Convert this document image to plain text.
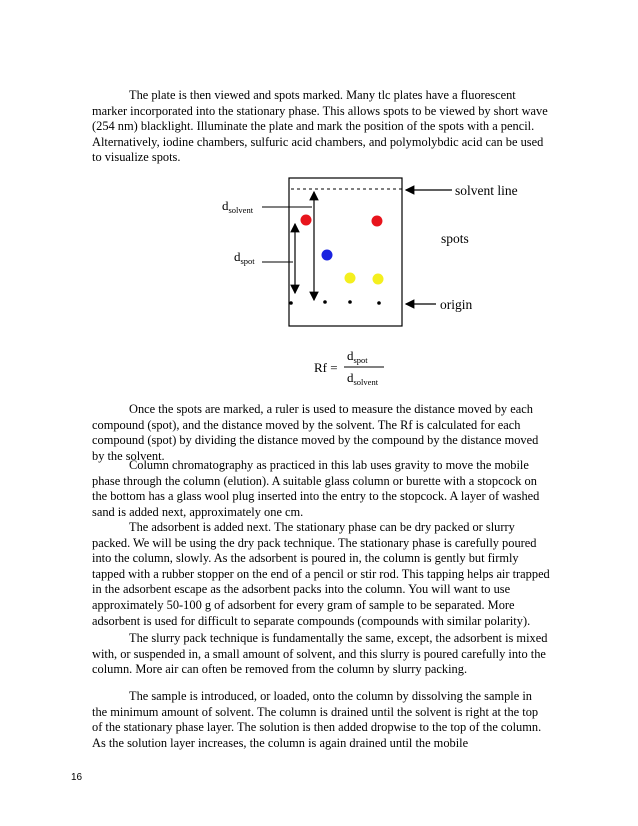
The plate is then viewed and spots marked. Many tlc plates have a fluorescent marker incorporated into the stationary phase. This allows spots to be viewed by short wave (254 nm) blacklight. Illuminate the plate and mark the position of the spots with a pencil. Alternatively, iodine chambers, sulfuric acid chambers, and polymolybdic acid can be used to visualize spots.

$d_{solvent}$
$d_{spot}$
solvent line
spots
origin
Rf =
$d_{spot}$
$d_{solvent}$

Once the spots are marked, a ruler is used to measure the distance moved by each compound (spot), and the distance moved by the solvent. The Rf is calculated for each compound (spot) by dividing the distance moved by the compound by the distance moved by the solvent.

Column chromatography as practiced in this lab uses gravity to move the mobile phase through the column (elution). A suitable glass column or burette with a stopcock on the bottom has a glass wool plug inserted into the entry to the stopcock. A layer of washed sand is added next, approximately one cm.

The adsorbent is added next. The stationary phase can be dry packed or slurry packed. We will be using the dry pack technique. The stationary phase is carefully poured into the column, slowly. As the adsorbent is poured in, the column is gently but firmly tapped with a rubber stopper on the end of a pencil or stir rod. This tapping helps air trapped in the adsorbent escape as the adsorbent packs into the column. You will want to use approximately 50-100 g of adsorbent for every gram of sample to be separated. More adsorbent is used for difficult to separate compounds (compounds with similar polarity).

The slurry pack technique is fundamentally the same, except, the adsorbent is mixed with, or suspended in, a small amount of solvent, and this slurry is poured carefully into the column. More air can often be removed from the column by slurry packing.

The sample is introduced, or loaded, onto the column by dissolving the sample in the minimum amount of solvent. The column is drained until the solvent is right at the top of the stationary phase layer. The solution is then added dropwise to the top of the column. As the solution layer increases, the column is again drained until the mobile

16
